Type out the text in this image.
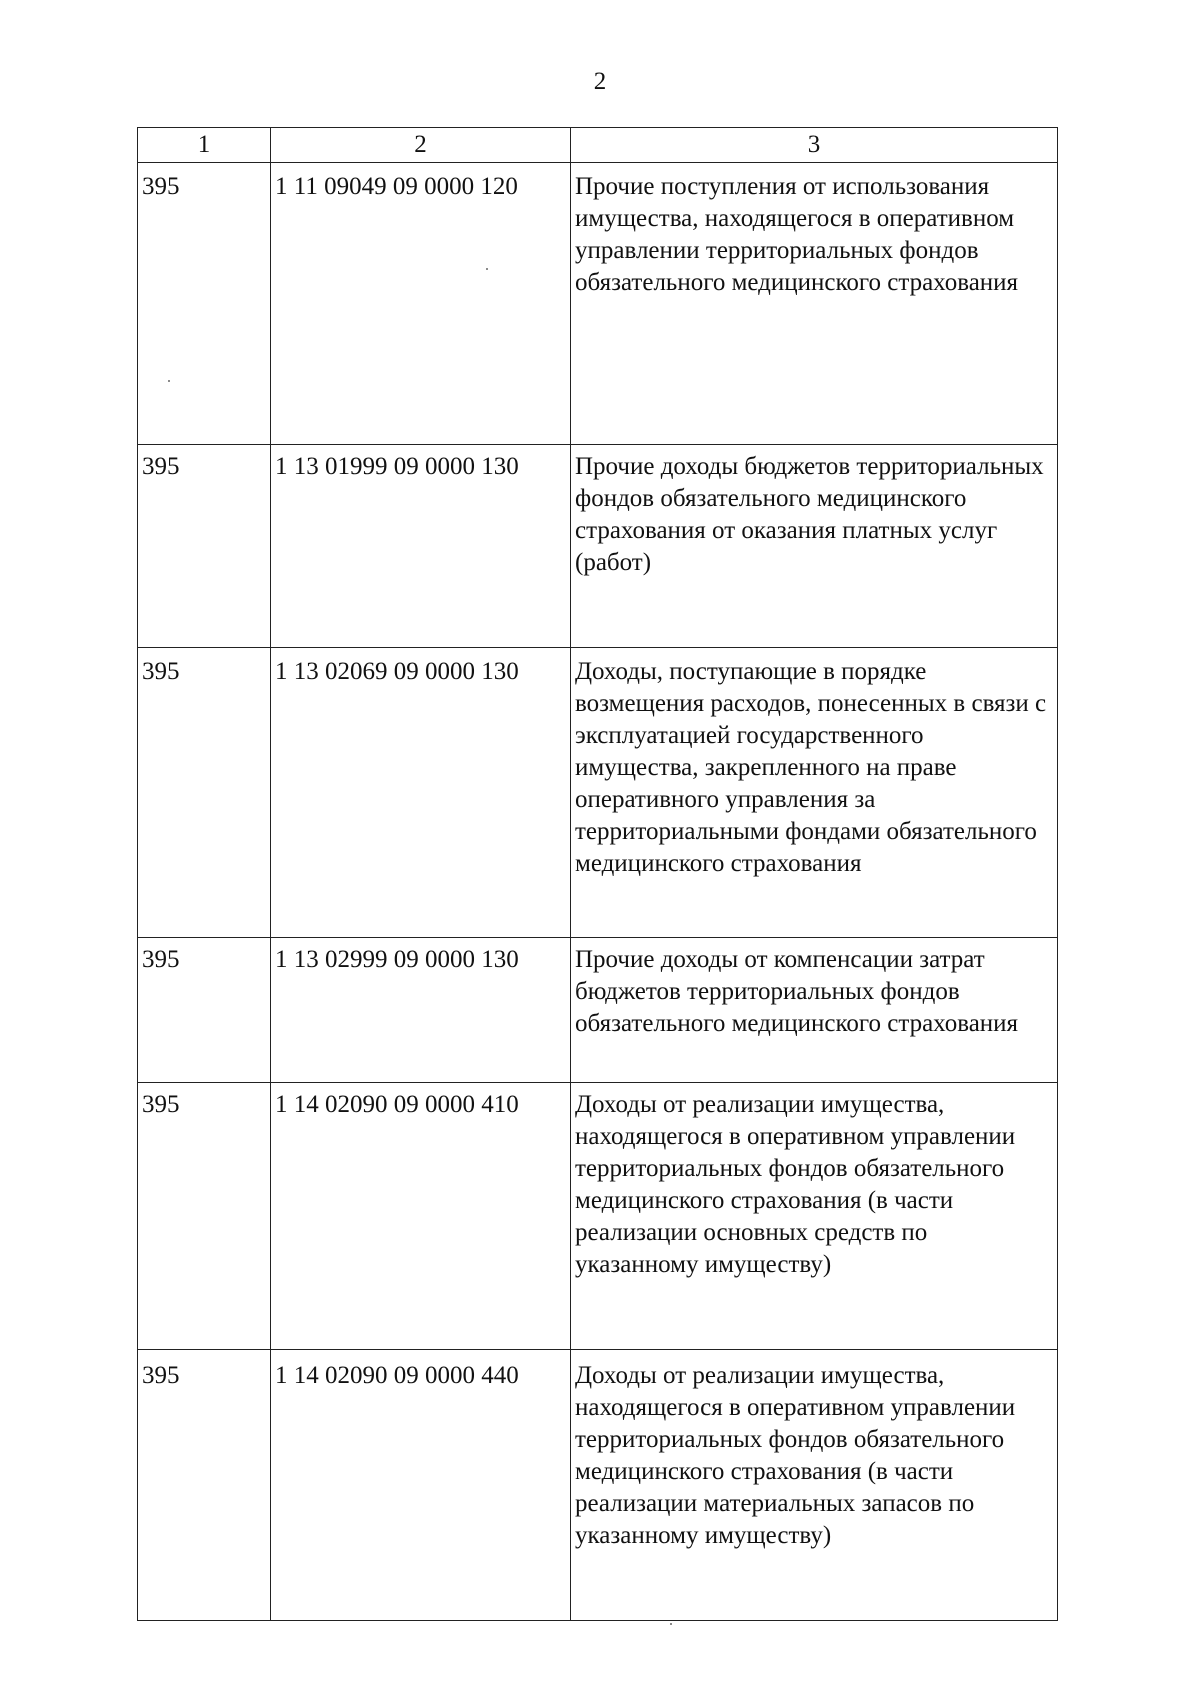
2
1	2	3
395	1 11 09049 09 0000 120	Прочие поступления от использования имущества, находящегося в оперативном управлении территориальных фондов обязательного медицинского страхования
395	1 13 01999 09 0000 130	Прочие доходы бюджетов территориальных фондов обязательного медицинского страхования от оказания платных услуг (работ)
395	1 13 02069 09 0000 130	Доходы, поступающие в порядке возмещения расходов, понесенных в связи с эксплуатацией государственного имущества, закрепленного на праве оперативного управления за территориальными фондами обязательного медицинского страхования
395	1 13 02999 09 0000 130	Прочие доходы от компенсации затрат бюджетов территориальных фондов обязательного медицинского страхования
395	1 14 02090 09 0000 410	Доходы от реализации имущества, находящегося в оперативном управлении территориальных фондов обязательного медицинского страхования (в части реализации основных средств по указанному имуществу)
395	1 14 02090 09 0000 440	Доходы от реализации имущества, находящегося в оперативном управлении территориальных фондов обязательного медицинского страхования (в части реализации материальных запасов по указанному имуществу)
